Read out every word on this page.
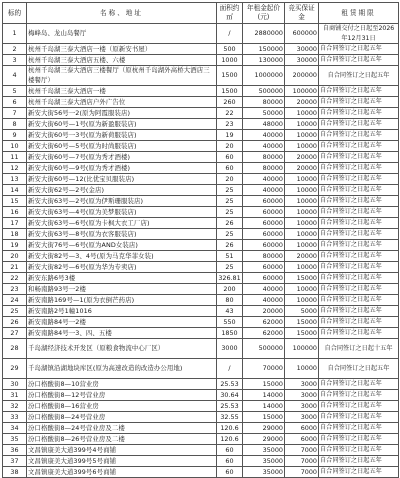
标的	名称、地址	面积约㎡	年租金起价(元)	竞买保证金	租赁期限
1	梅峰岛、龙山岛餐厅	/	2880000	600000	自商铺交付之日起至2026年12月31日
2	杭州千岛湖三泰大酒店一楼（原新安书屋）	500	150000	30000	自合同签订之日起五年
3	杭州千岛湖三泰大酒店五楼、六楼	1000	130000	30000	自合同签订之日起五年
4	杭州千岛湖三泰大酒店三楼餐厅（原杭州千岛湖外高桥大酒店三楼餐厅）	1500	1000000	200000	自合同签订之日起五年
5	杭州千岛湖三泰大酒店一楼	1500	500000	100000	自合同签订之日起五年
6	杭州千岛湖三泰大酒店户外广告位	260	80000	20000	自合同签订之日起五年
7	新安大街56号一2(原为阿霞服装店)	22	50000	10000	自合同签订之日起五年
8	新安大街60号—1号(原为新盈服装店)	23	48000	10000	自合同签订之日起五年
9	新安大街60号一3号(原为新荷服装店)	19	40000	10000	自合同签订之日起五年
10	新安大街60号—5号(原为时尚服装店)	20	40000	10000	自合同签订之日起五年
11	新安大街60号—7号(原为秀才酒楼)	60	80000	20000	自合同签订之日起五年
12	新安大街60号—9号(原为秀才酒楼)	60	80000	20000	自合同签订之日起五年
13	新安大街60号—12(比优宝贝服装店)	20	40000	10000	自合同签订之日起五年
14	新安大街62号—2号(金店)	25	40000	10000	自合同签订之日起五年
15	新安大街63号—2号(原为伊斯珊服装店)	25	60000	10000	自合同签订之日起五年
16	新安大街63号—4号(原为美梦服装店)	25	60000	10000	自合同签订之日起五年
17	新安大街63号—6号(原为卡枫大衣工厂店)	26	60000	10000	自合同签订之日起五年
18	新安大街63号—8号(原为衣客服装店)	25	60000	10000	自合同签订之日起五年
19	新安大街76号—6号(原为AND女装店)	26	60000	10000	自合同签订之日起五年
20	新安大街82号—3、4号(原为马克华菲女装)	51	80000	20000	自合同签订之日起五年
21	新安大街82号—6号(原为华为专卖店)	25	60000	10000	自合同签订之日起五年
22	新安东路6号3楼	326.81	60000	15000	自合同签订之日起五年
23	和畅南路93号一2楼	200	40000	10000	自合同签订之日起五年
24	新安南路169号—1(原为衣倒芒药店)	80	40000	10000	自合同签订之日起五年
25	新安南路2号1幢1016	43	20000	5000	自合同签订之日起五年
26	新安南路84号一2楼	550	62000	15000	自合同签订之日起五年
27	新安南路84号一3、四、五楼	1850	62000	15000	自合同签订之日起五年
28	千岛湖经济技术开发区（原粮食物流中心厂区）	3000	500000	100000	自合同签订之日起十五年
29	千岛湖镇沿湖地块库区(原为高速改造的改造办公用地)	/	70000	10000	自合同签订之日起五年
30	汾口格酸街8—10营业房	25.53	15000	3000	自合同签订之日起五年
31	汾口格酸街8—12号营业房	30.64	14000	3000	自合同签订之日起五年
32	汾口格酸街8—16营业房	25.53	14000	3000	自合同签订之日起五年
33	汾口格酸街8—24号营业房	32.55	15000	3000	自合同签订之日起五年
34	汾口格酸街8—24号营业房及二楼	120.6	29000	6000	自合同签订之日起五年
35	汾口格酸街8—26号营业房及二楼	120.6	29000	6000	自合同签订之日起五年
36	文昌镇康美大道399号4号商铺	60	35000	7000	自合同签订之日起五年
37	文昌镇康美大道399号5号商铺	60	35000	7000	自合同签订之日起五年
38	文昌镇康美大道399号6号商铺	60	35000	7000	自合同签订之日起五年
